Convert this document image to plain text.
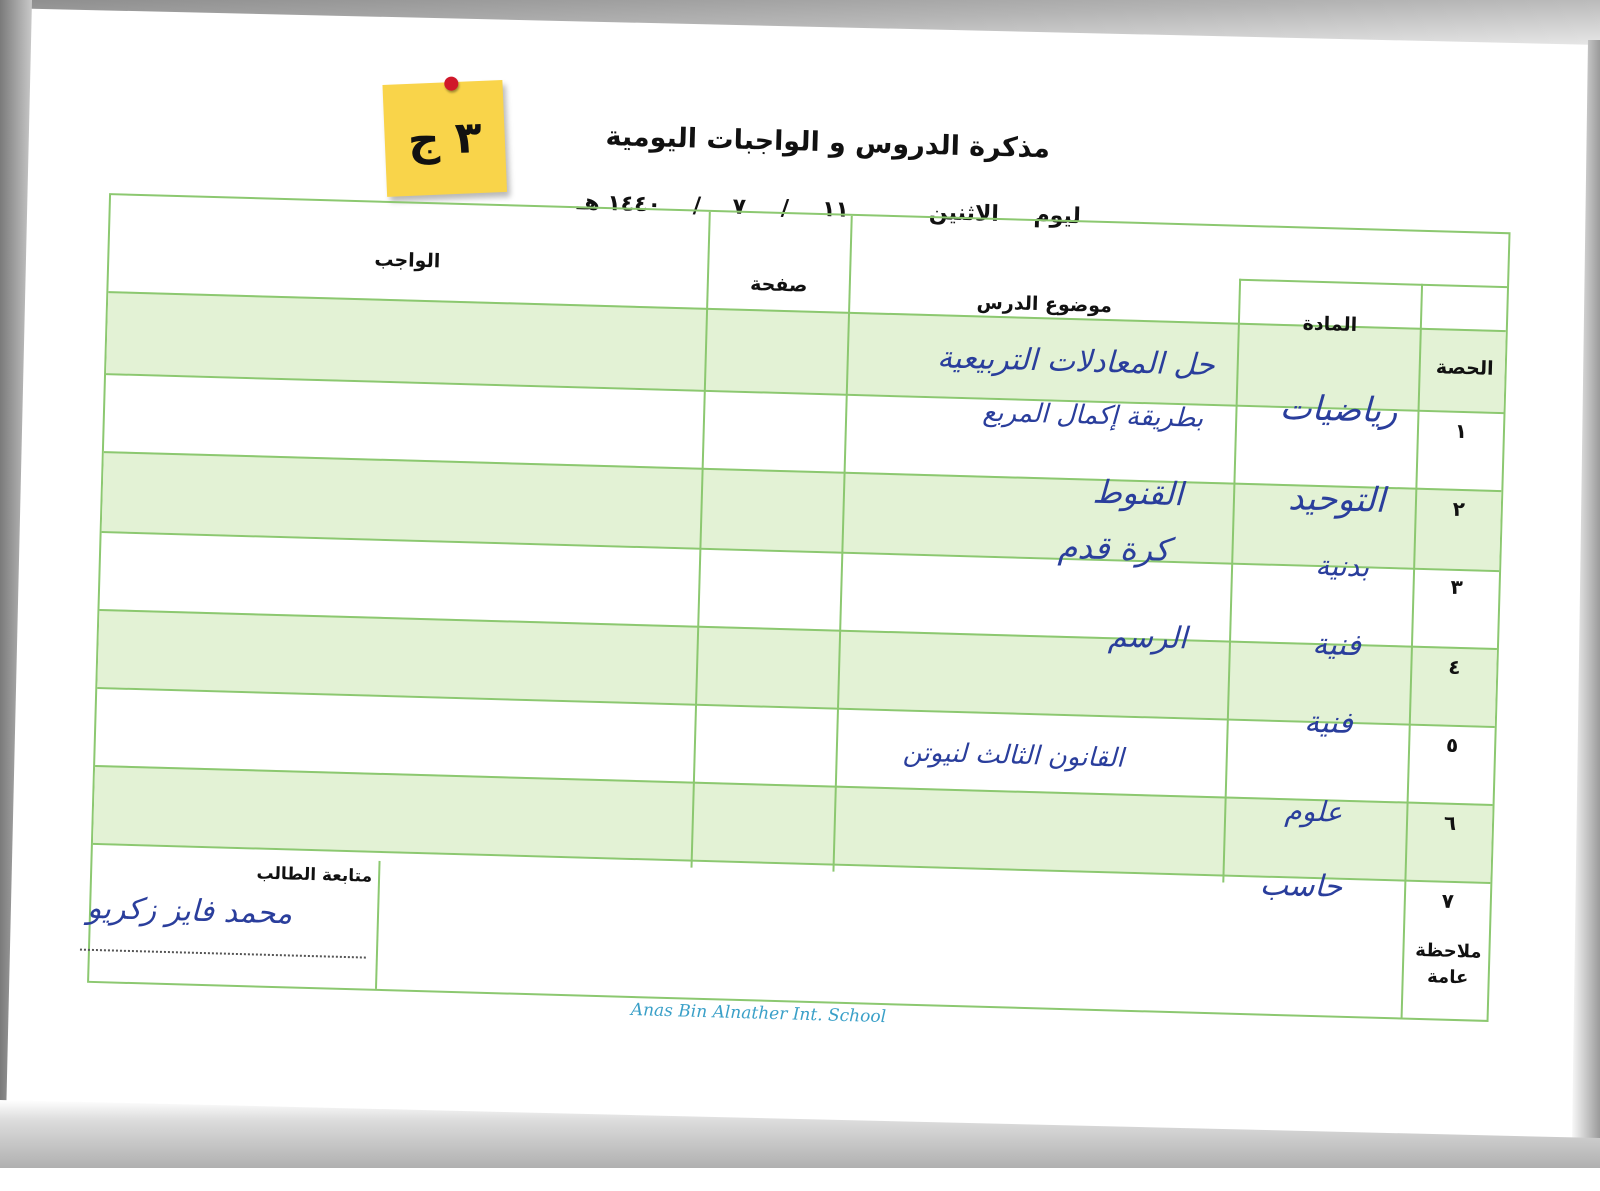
٣ ج	مذكرة الدروس و الواجبات اليومية
ليوم
الاثنين
١١
/
٧
/
١٤٤٠ هـ
الحصة
المادة
موضوع الدرس
صفحة
الواجب
١
٢
٣
٤
٥
٦
٧
رياضيات
التوحيد
بدنية
فنية
فنية
علوم
حاسب
حل المعادلات التربيعية
بطريقة إكمال المربع
القنوط
كرة قدم
الرسم
القانون الثالث لنيوتن
ملاحظة عامة
متابعة الطالب
محمد فايز زكريو
Anas Bin Alnather Int. School
